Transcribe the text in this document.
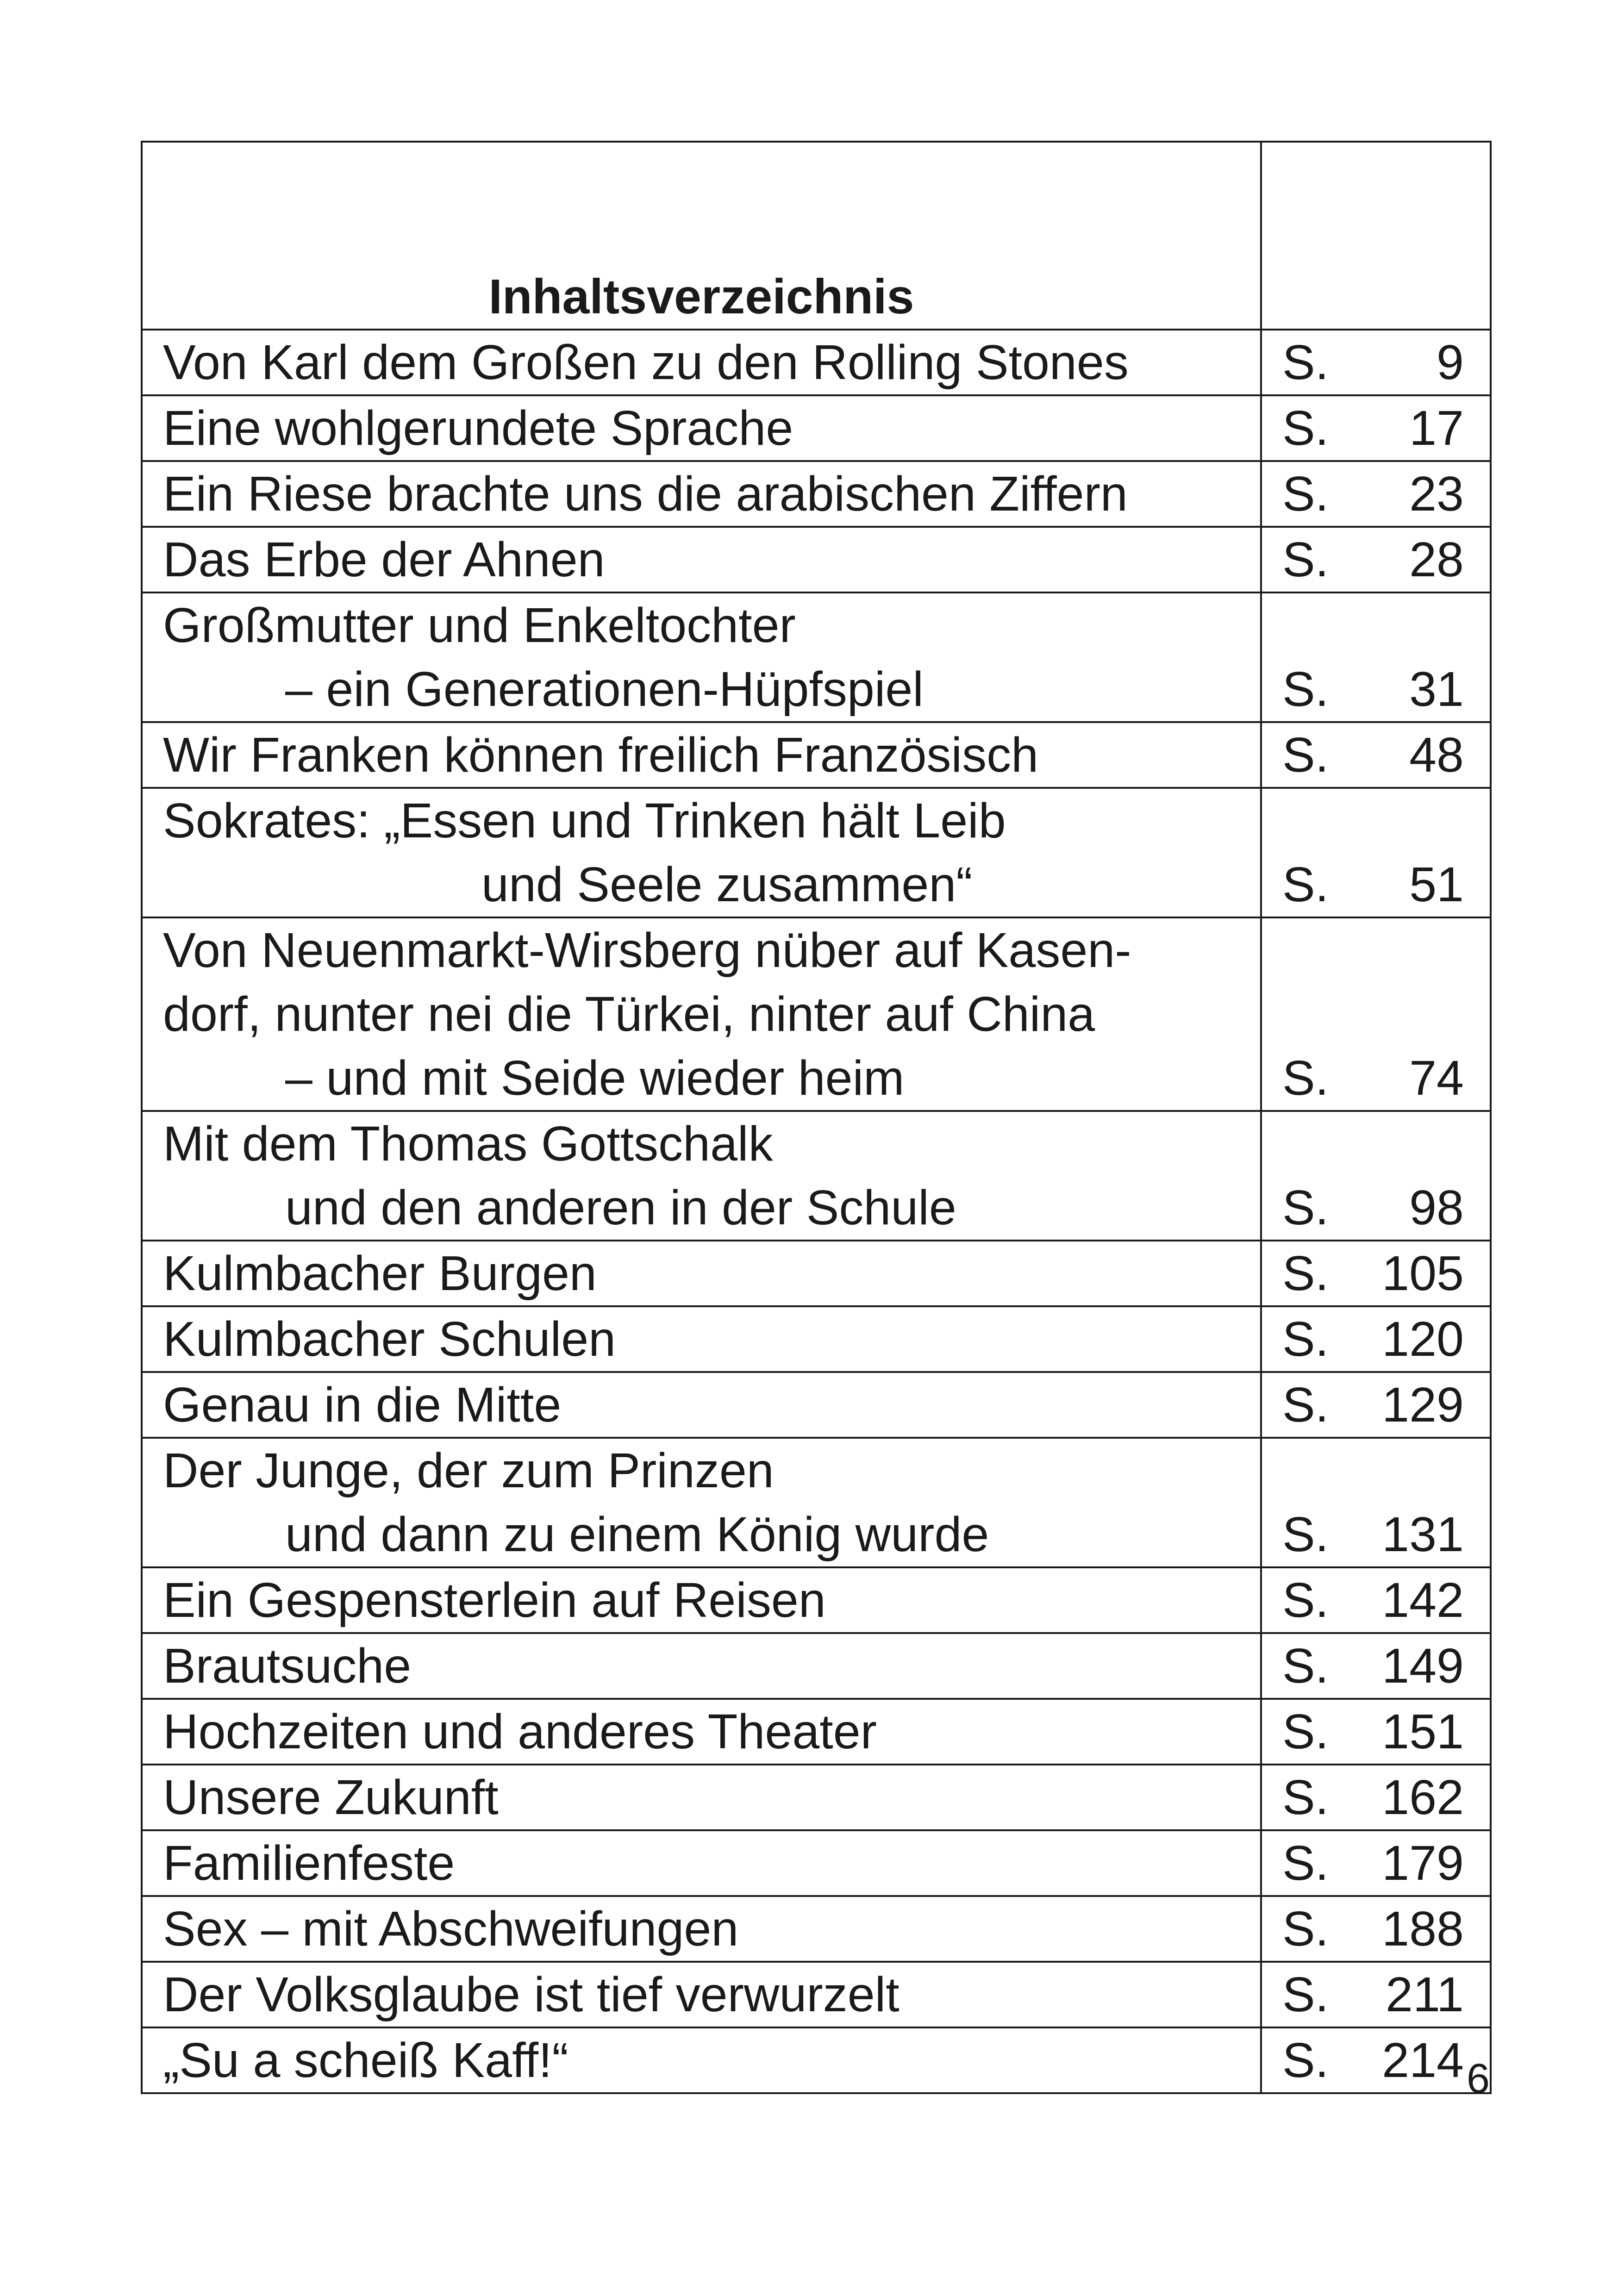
Inhaltsverzeichnis	

Von Karl dem Großen zu den Rolling Stones	S. 9

Eine wohlgerundete Sprache	S. 17

Ein Riese brachte uns die arabischen Ziffern	S. 23

Das Erbe der Ahnen	S. 28

Großmutter und Enkeltochter
– ein Generationen-Hüpfspiel	S. 31

Wir Franken können freilich Französisch	S. 48

Sokrates: „Essen und Trinken hält Leib
und Seele zusammen“	S. 51

Von Neuenmarkt-Wirsberg nüber auf Kasen-
dorf, nunter nei die Türkei, ninter auf China
– und mit Seide wieder heim	S. 74

Mit dem Thomas Gottschalk
und den anderen in der Schule	S. 98

Kulmbacher Burgen	S. 105

Kulmbacher Schulen	S. 120

Genau in die Mitte	S. 129

Der Junge, der zum Prinzen
und dann zu einem König wurde	S. 131

Ein Gespensterlein auf Reisen	S. 142

Brautsuche	S. 149

Hochzeiten und anderes Theater	S. 151

Unsere Zukunft	S. 162

Familienfeste	S. 179

Sex – mit Abschweifungen	S. 188

Der Volksglaube ist tief verwurzelt	S. 211

„Su a scheiß Kaff!“	S. 214 6
